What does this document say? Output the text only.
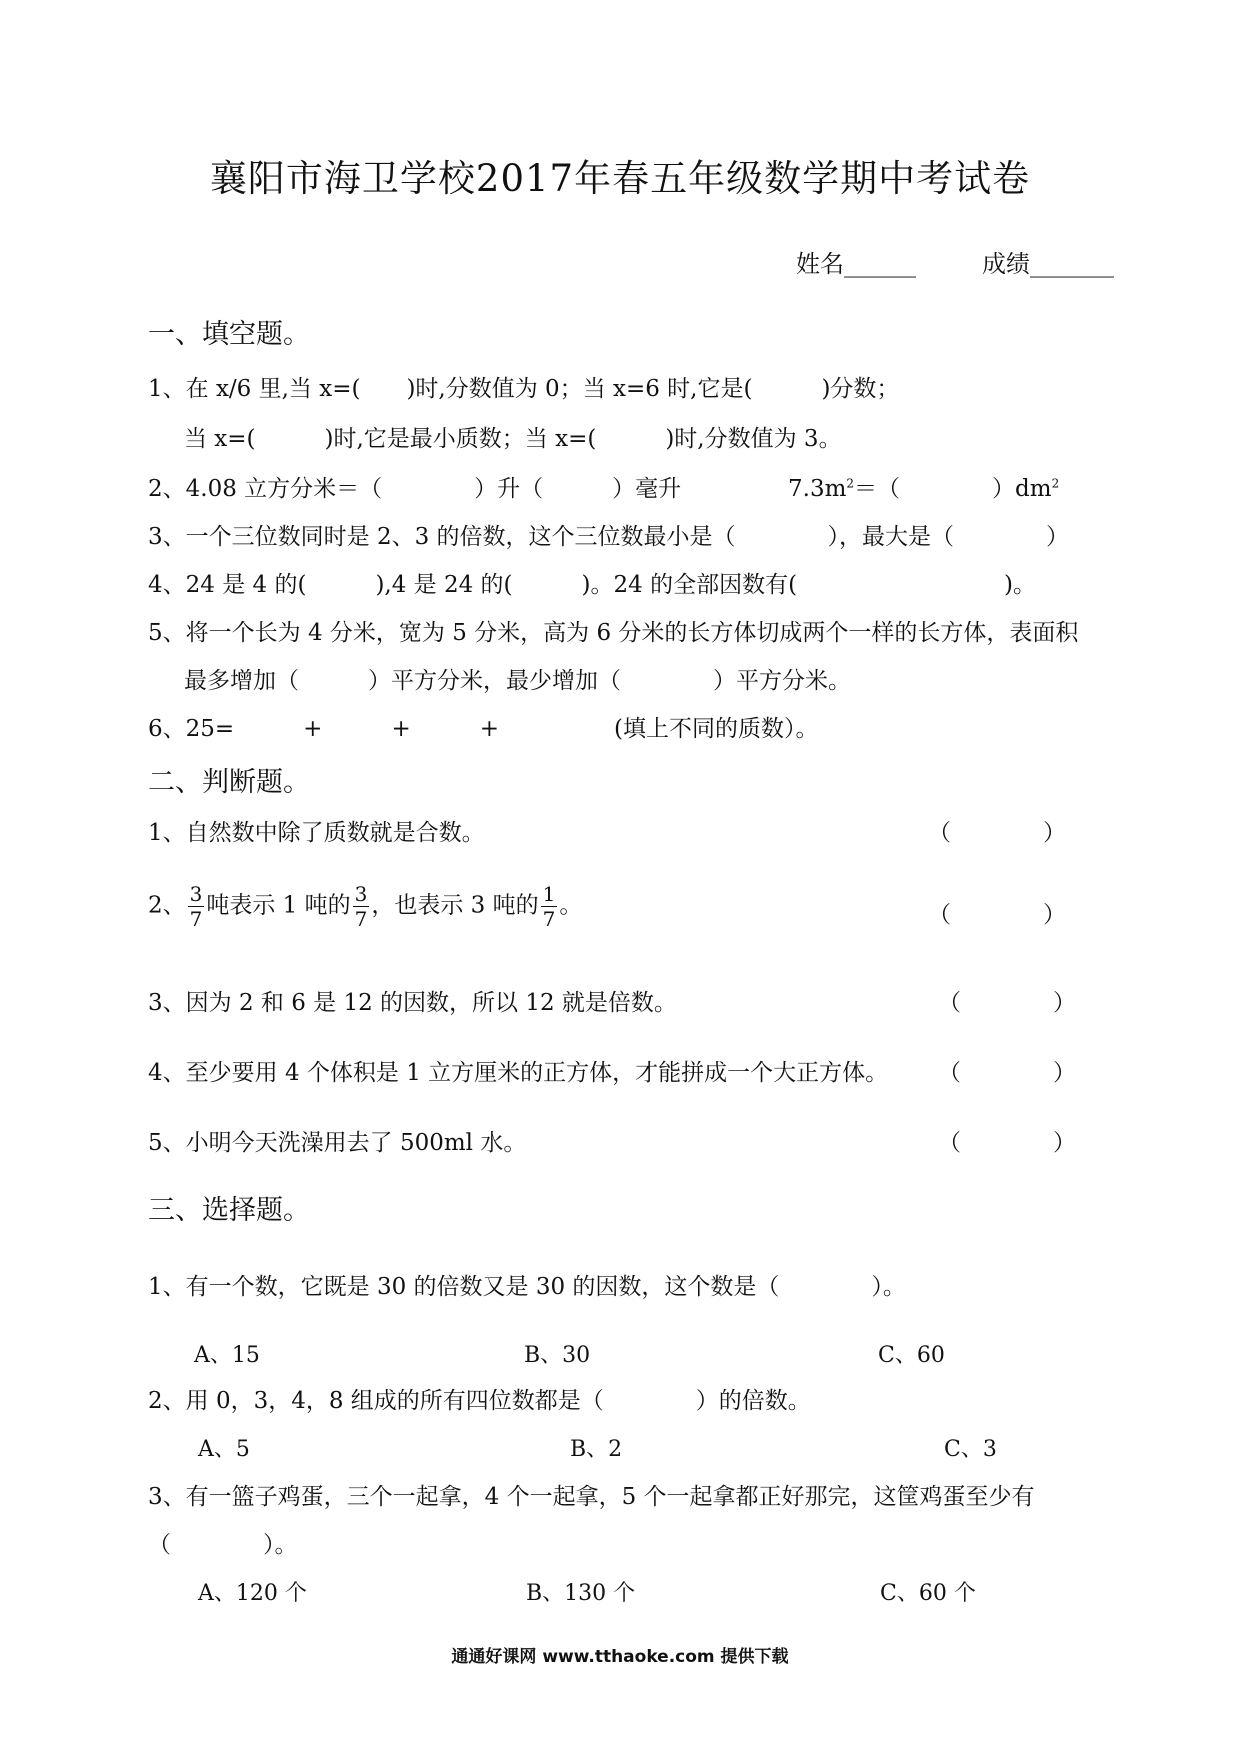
襄阳市海卫学校2017年春五年级数学期中考试卷
姓名______	成绩_______
一、填空题。
1、在 x/6 里,当 x=(　　)时,分数值为 0；当 x=6 时,它是(　　　)分数；
当 x=(　　　)时,它是最小质数；当 x=(　　　)时,分数值为 3。
2、4.08 立方分米＝（　　　　）升（　　　）毫升	$7.3m^2=$（　　　　）$dm^2$
3、一个三位数同时是 2、3 的倍数，这个三位数最小是（　　　　），最大是（　　　　）
4、24 是 4 的(　　　),4 是 24 的(　　　)。24 的全部因数有(　　　　　　　　　)。
5、将一个长为 4 分米，宽为 5 分米，高为 6 分米的长方体切成两个一样的长方体，表面积
最多增加（　　　）平方分米，最少增加（　　　　）平方分米。
6、25=　　　+　　　+　　　+　　　　　(填上不同的质数）。
二、判断题。
1、自然数中除了质数就是合数。	（　　　　）
2、 $\frac{3}{7}$ 吨表示 1 吨的 $\frac{3}{7}$ ，也表示 3 吨的 $\frac{1}{7}$ 。	（　　　　）
3、因为 2 和 6 是 12 的因数，所以 12 就是倍数。	（　　　　）
4、至少要用 4 个体积是 1 立方厘米的正方体，才能拼成一个大正方体。 （　　　　）
5、小明今天洗澡用去了 500ml 水。	（　　　　）
三、选择题。
1、有一个数，它既是 30 的倍数又是 30 的因数，这个数是（　　　　）。
A、15	B、30	C、60
2、用 0，3，4，8 组成的所有四位数都是（　　　　）的倍数。
A、5	B、2	C、3
3、有一篮子鸡蛋，三个一起拿，4 个一起拿，5 个一起拿都正好那完，这筐鸡蛋至少有
（　　　　）。
A、120 个	B、130 个	C、60 个
通通好课网 www.tthaoke.com 提供下载
